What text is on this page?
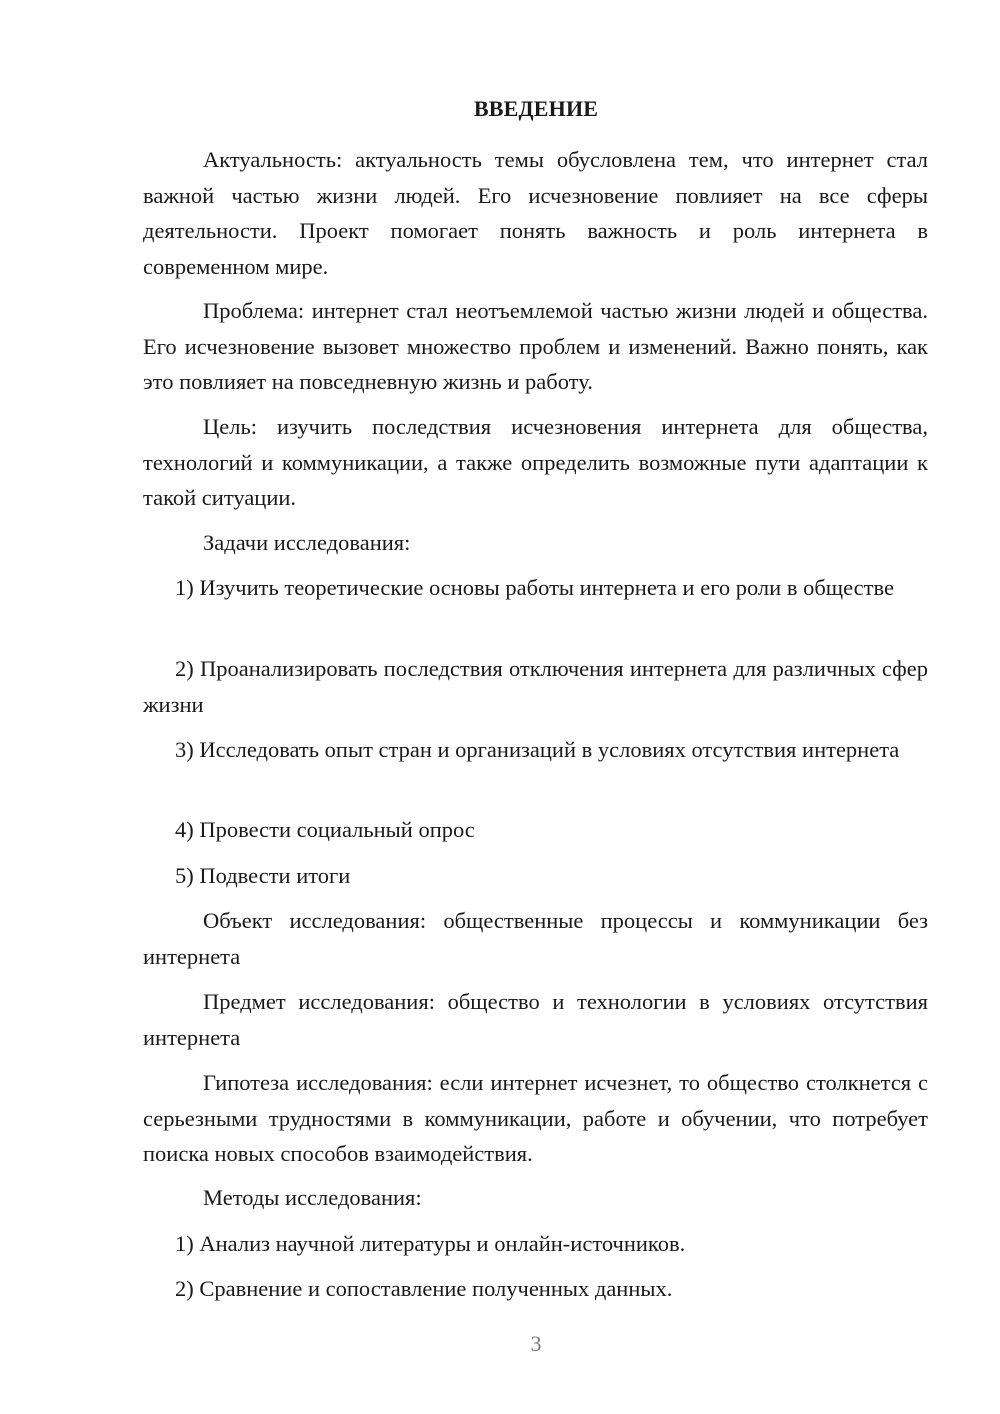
ВВЕДЕНИЕ

Актуальность: актуальность темы обусловлена тем, что интернет стал важной частью жизни людей. Его исчезновение повлияет на все сферы деятельности. Проект помогает понять важность и роль интернета в современном мире.

Проблема: интернет стал неотъемлемой частью жизни людей и общества. Его исчезновение вызовет множество проблем и изменений. Важно понять, как это повлияет на повседневную жизнь и работу.

Цель: изучить последствия исчезновения интернета для общества, технологий и коммуникации, а также определить возможные пути адаптации к такой ситуации.

Задачи исследования:

1) Изучить теоретические основы работы интернета и его роли в обществе

2) Проанализировать последствия отключения интернета для различных сфер жизни

3) Исследовать опыт стран и организаций в условиях отсутствия интернета

4) Провести социальный опрос

5) Подвести итоги

Объект исследования: общественные процессы и коммуникации без интернета

Предмет исследования: общество и технологии в условиях отсутствия интернета

Гипотеза исследования: если интернет исчезнет, то общество столкнется с серьезными трудностями в коммуникации, работе и обучении, что потребует поиска новых способов взаимодействия.

Методы исследования:

1) Анализ научной литературы и онлайн-источников.

2) Сравнение и сопоставление полученных данных.

3
